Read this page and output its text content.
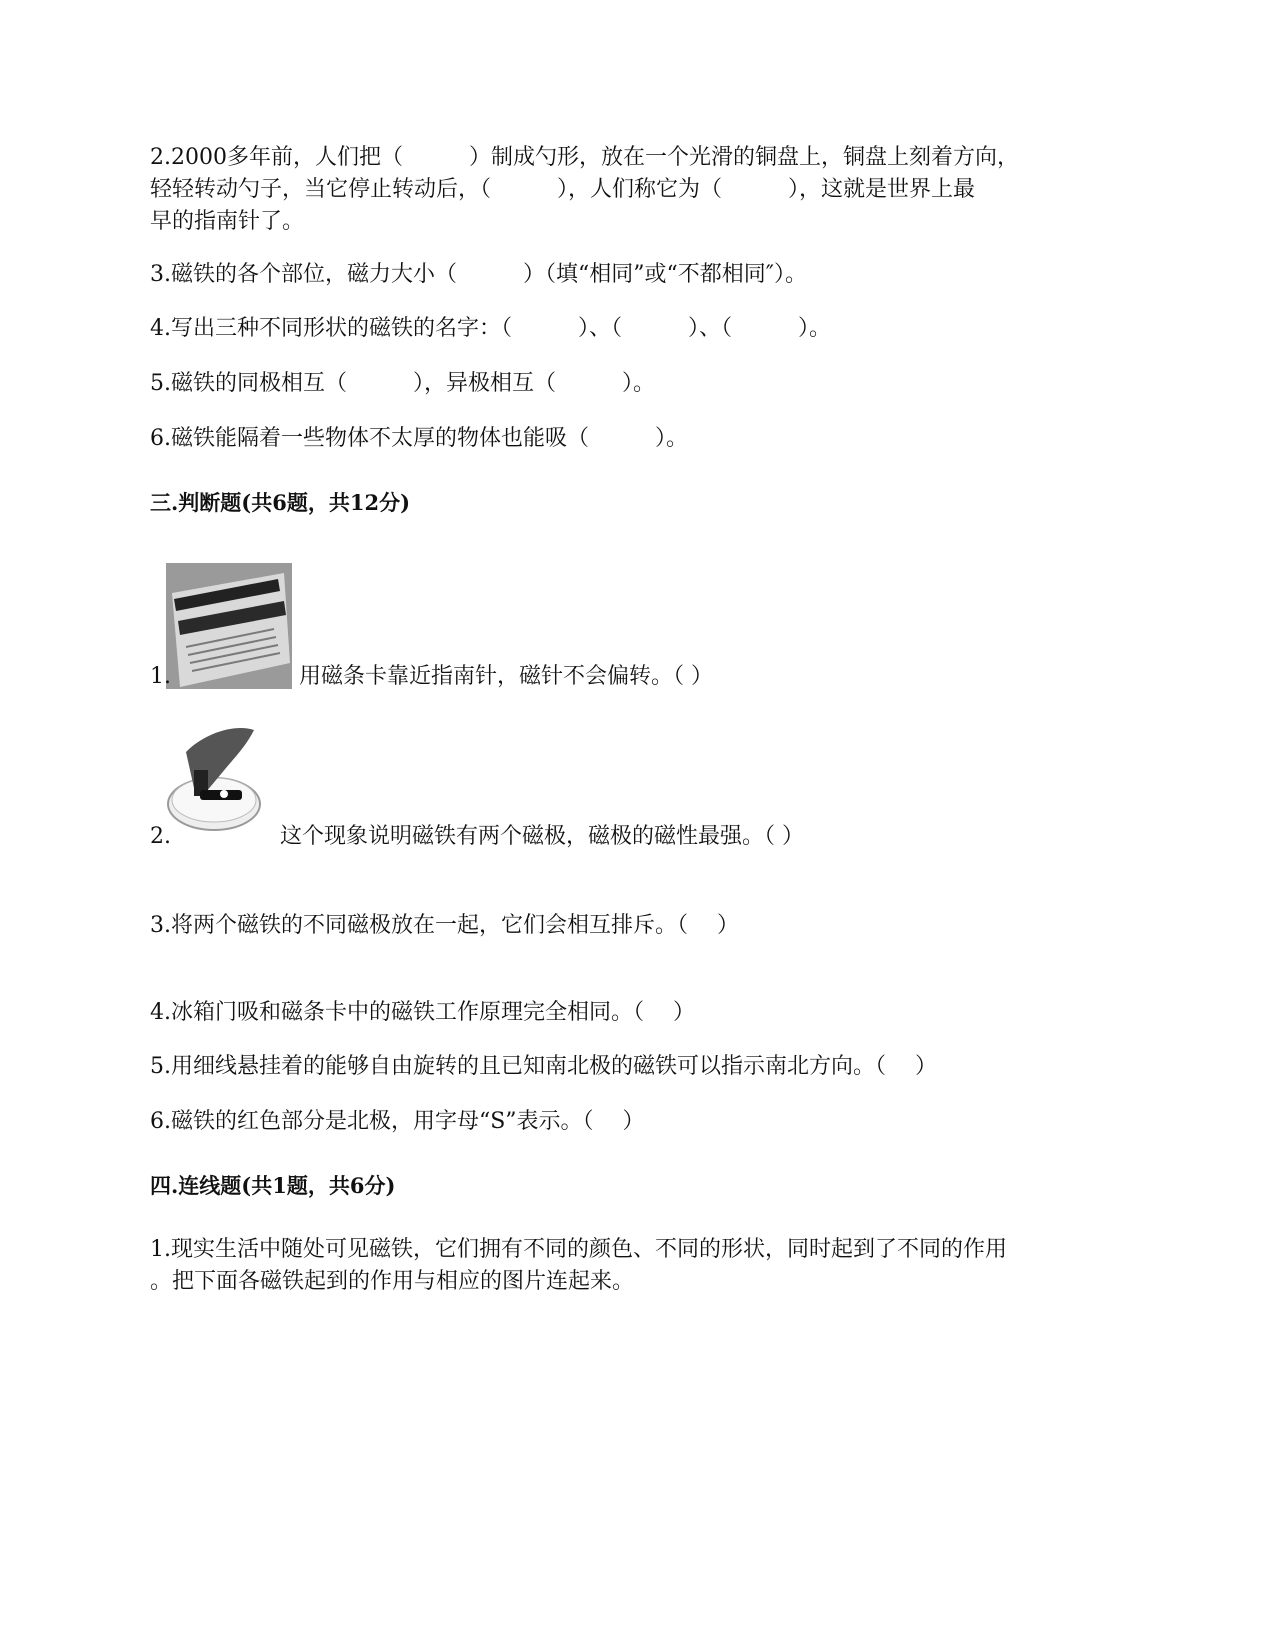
2.2000多年前，人们把（　　　）制成勺形，放在一个光滑的铜盘上，铜盘上刻着方向，
轻轻转动勺子，当它停止转动后，（　　　），人们称它为（　　　），这就是世界上最
早的指南针了。
3.磁铁的各个部位，磁力大小（　　　）（填“相同”或“不都相同″）。
4.写出三种不同形状的磁铁的名字：（　　　）、（　　　）、（　　　）。
5.磁铁的同极相互（　　　），异极相互（　　　）。
6.磁铁能隔着一些物体不太厚的物体也能吸（　　　）。
三.判断题(共6题，共12分)
1.	用磁条卡靠近指南针，磁针不会偏转。（ ）
2.	这个现象说明磁铁有两个磁极，磁极的磁性最强。（ ）
3.将两个磁铁的不同磁极放在一起，它们会相互排斥。（　 ）
4.冰箱门吸和磁条卡中的磁铁工作原理完全相同。（　 ）
5.用细线悬挂着的能够自由旋转的且已知南北极的磁铁可以指示南北方向。（　 ）
6.磁铁的红色部分是北极，用字母“S”表示。（　 ）
四.连线题(共1题，共6分)
1.现实生活中随处可见磁铁，它们拥有不同的颜色、不同的形状，同时起到了不同的作用
。把下面各磁铁起到的作用与相应的图片连起来。
